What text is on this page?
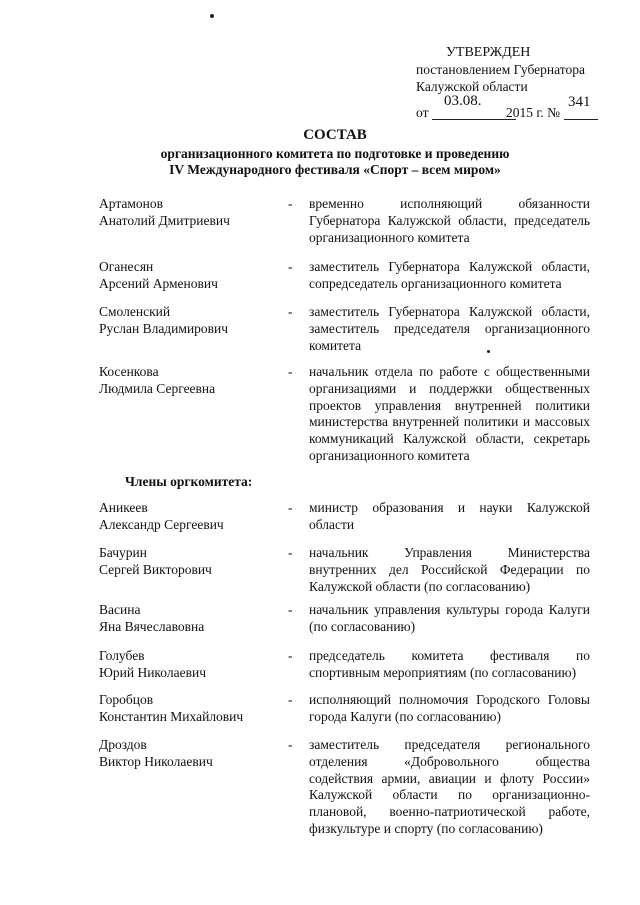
УТВЕРЖДЕН
постановлением Губернатора
Калужской области
от
03.08.
2015 г. №
341
СОСТАВ
организационного комитета по подготовке и проведению
IV Международного фестиваля «Спорт – всем миром»
Артамонов
Анатолий Дмитриевич
- временно исполняющий обязанности Губернатора Калужской области, председатель организационного комитета
Оганесян
Арсений Арменович
- заместитель Губернатора Калужской области, сопредседатель организационного комитета
Смоленский
Руслан Владимирович
- заместитель Губернатора Калужской области, заместитель председателя организационного комитета
Косенкова
Людмила Сергеевна
- начальник отдела по работе с общественными организациями и поддержки общественных проектов управления внутренней политики министерства внутренней политики и массовых коммуникаций Калужской области, секретарь организационного комитета
Члены оргкомитета:
Аникеев
Александр Сергеевич
- министр образования и науки Калужской области
Бачурин
Сергей Викторович
- начальник Управления Министерства внутренних дел Российской Федерации по Калужской области (по согласованию)
Васина
Яна Вячеславовна
- начальник управления культуры города Калуги (по согласованию)
Голубев
Юрий Николаевич
- председатель комитета фестиваля по спортивным мероприятиям (по согласованию)
Горобцов
Константин Михайлович
- исполняющий полномочия Городского Головы города Калуги (по согласованию)
Дроздов
Виктор Николаевич
- заместитель председателя регионального отделения «Добровольного общества содействия армии, авиации и флоту России» Калужской области по организационно-плановой, военно-патриотической работе, физкультуре и спорту (по согласованию)
